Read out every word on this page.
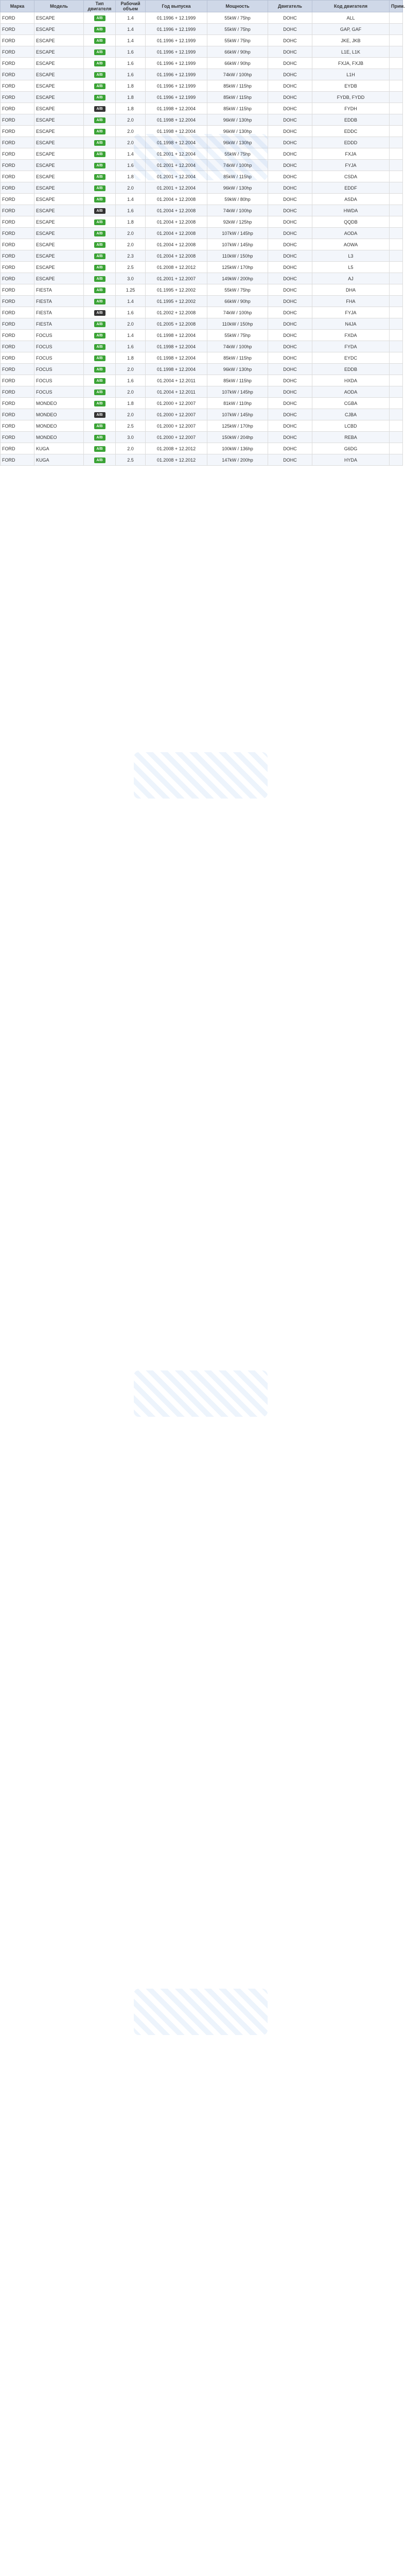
Марка	Модель	Тип двигателя	Рабочий объем	Год выпуска	Мощность	Двигатель	Код двигателя	Прим.
FORD	ESCAPE	A/B	1.4	01.1996 + 12.1999	55kW / 75hp	DOHC	ALL	
FORD	ESCAPE	A/B	1.4	01.1996 + 12.1999	55kW / 75hp	DOHC	GAP, GAF	
FORD	ESCAPE	A/B	1.4	01.1996 + 12.1999	55kW / 75hp	DOHC	JKE, JKB	
FORD	ESCAPE	A/B	1.6	01.1996 + 12.1999	66kW / 90hp	DOHC	L1E, L1K	
FORD	ESCAPE	A/B	1.6	01.1996 + 12.1999	66kW / 90hp	DOHC	FXJA, FXJB	
FORD	ESCAPE	A/B	1.6	01.1996 + 12.1999	74kW / 100hp	DOHC	L1H	
FORD	ESCAPE	A/B	1.8	01.1996 + 12.1999	85kW / 115hp	DOHC	EYDB	
FORD	ESCAPE	A/B	1.8	01.1996 + 12.1999	85kW / 115hp	DOHC	FYDB, FYDD	
FORD	ESCAPE	A/B	1.8	01.1998 + 12.2004	85kW / 115hp	DOHC	FYDH	
FORD	ESCAPE	A/B	2.0	01.1998 + 12.2004	96kW / 130hp	DOHC	EDDB	
FORD	ESCAPE	A/B	2.0	01.1998 + 12.2004	96kW / 130hp	DOHC	EDDC	
FORD	ESCAPE	A/B	2.0	01.1998 + 12.2004	96kW / 130hp	DOHC	EDDD	
FORD	ESCAPE	A/B	1.4	01.2001 + 12.2004	55kW / 75hp	DOHC	FXJA	
FORD	ESCAPE	A/B	1.6	01.2001 + 12.2004	74kW / 100hp	DOHC	FYJA	
FORD	ESCAPE	A/B	1.8	01.2001 + 12.2004	85kW / 115hp	DOHC	CSDA	
FORD	ESCAPE	A/B	2.0	01.2001 + 12.2004	96kW / 130hp	DOHC	EDDF	
FORD	ESCAPE	A/B	1.4	01.2004 + 12.2008	59kW / 80hp	DOHC	ASDA	
FORD	ESCAPE	A/B	1.6	01.2004 + 12.2008	74kW / 100hp	DOHC	HWDA	
FORD	ESCAPE	A/B	1.8	01.2004 + 12.2008	92kW / 125hp	DOHC	QQDB	
FORD	ESCAPE	A/B	2.0	01.2004 + 12.2008	107kW / 145hp	DOHC	AODA	
FORD	ESCAPE	A/B	2.0	01.2004 + 12.2008	107kW / 145hp	DOHC	AOWA	
FORD	ESCAPE	A/B	2.3	01.2004 + 12.2008	110kW / 150hp	DOHC	L3	
FORD	ESCAPE	A/B	2.5	01.2008 + 12.2012	125kW / 170hp	DOHC	L5	
FORD	ESCAPE	A/B	3.0	01.2001 + 12.2007	149kW / 200hp	DOHC	AJ	
FORD	FIESTA	A/B	1.25	01.1995 + 12.2002	55kW / 75hp	DOHC	DHA	
FORD	FIESTA	A/B	1.4	01.1995 + 12.2002	66kW / 90hp	DOHC	FHA	
FORD	FIESTA	A/B	1.6	01.2002 + 12.2008	74kW / 100hp	DOHC	FYJA	
FORD	FIESTA	A/B	2.0	01.2005 + 12.2008	110kW / 150hp	DOHC	N4JA	
FORD	FOCUS	A/B	1.4	01.1998 + 12.2004	55kW / 75hp	DOHC	FXDA	
FORD	FOCUS	A/B	1.6	01.1998 + 12.2004	74kW / 100hp	DOHC	FYDA	
FORD	FOCUS	A/B	1.8	01.1998 + 12.2004	85kW / 115hp	DOHC	EYDC	
FORD	FOCUS	A/B	2.0	01.1998 + 12.2004	96kW / 130hp	DOHC	EDDB	
FORD	FOCUS	A/B	1.6	01.2004 + 12.2011	85kW / 115hp	DOHC	HXDA	
FORD	FOCUS	A/B	2.0	01.2004 + 12.2011	107kW / 145hp	DOHC	AODA	
FORD	MONDEO	A/B	1.8	01.2000 + 12.2007	81kW / 110hp	DOHC	CGBA	
FORD	MONDEO	A/B	2.0	01.2000 + 12.2007	107kW / 145hp	DOHC	CJBA	
FORD	MONDEO	A/B	2.5	01.2000 + 12.2007	125kW / 170hp	DOHC	LCBD	
FORD	MONDEO	A/B	3.0	01.2000 + 12.2007	150kW / 204hp	DOHC	REBA	
FORD	KUGA	A/B	2.0	01.2008 + 12.2012	100kW / 136hp	DOHC	G6DG	
FORD	KUGA	A/B	2.5	01.2008 + 12.2012	147kW / 200hp	DOHC	HYDA	
